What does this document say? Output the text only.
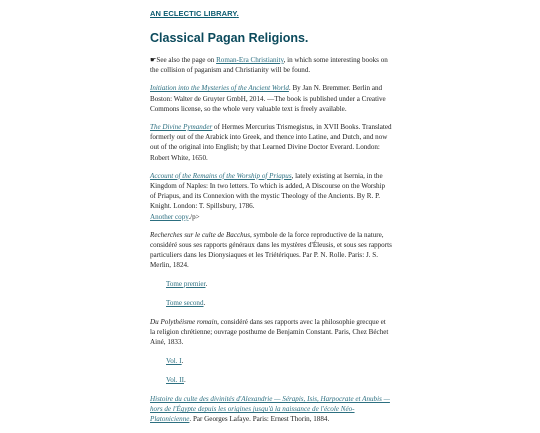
AN ECLECTIC LIBRARY.
Classical Pagan Religions.

☛See also the page on Roman-Era Christianity, in which some interesting books on the collision of paganism and Christianity will be found.

Initiation into the Mysteries of the Ancient World. By Jan N. Bremmer. Berlin and Boston: Walter de Gruyter GmbH, 2014. —The book is published under a Creative Commons license, so the whole very valuable text is freely available.

The Divine Pymander of Hermes Mercurius Trismegistus, in XVII Books. Translated formerly out of the Arabick into Greek, and thence into Latine, and Dutch, and now out of the original into English; by that Learned Divine Doctor Everard. London: Robert White, 1650.

Account of the Remains of the Worship of Priapus, lately existing at Isernia, in the Kingdom of Naples: In two letters. To which is added, A Discourse on the Worship of Priapus, and its Connexion with the mystic Theology of the Ancients. By R. P. Knight. London: T. Spillsbury, 1786.
Another copy./p>

Recherches sur le culte de Bacchus, symbole de la force reproductive de la nature, considéré sous ses rapports généraux dans les mystères d'Éleusis, et sous ses rapports particuliers dans les Dionysiaques et les Triétériques. Par P. N. Rolle. Paris: J. S. Merlin, 1824.

Tome premier.

Tome second.

Du Polythéisme romain, considéré dans ses rapports avec la philosophie grecque et la religion chrétienne; ouvrage posthume de Benjamin Constant. Paris, Chez Béchet Ainé, 1833.

Vol. I.

Vol. II.

Histoire du culte des divinités d'Alexandrie — Sérapis, Isis, Harpocrate et Anubis — hors de l'Égypte depuis les origines jusqu'à la naissance de l'école Néo-Platonicienne. Par Georges Lafaye. Paris: Ernest Thorin, 1884.
